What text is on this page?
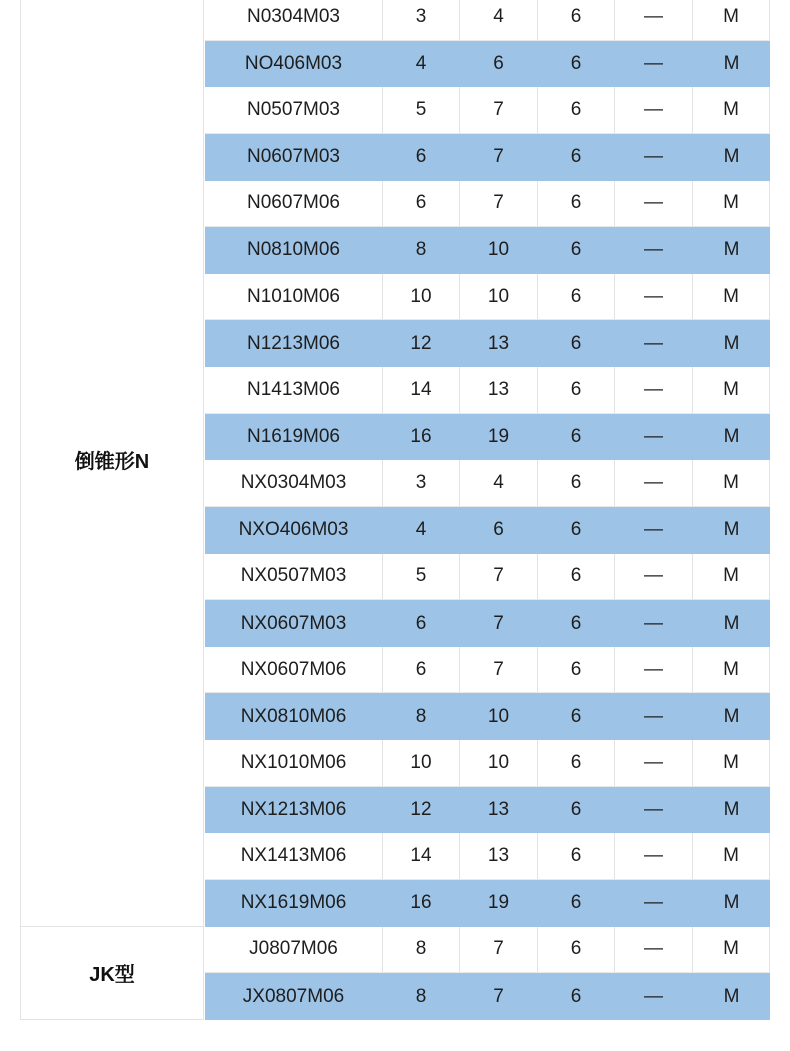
倒锥形N
N0304M03	3	4	6	—	M
NO406M03	4	6	6	—	M
N0507M03	5	7	6	—	M
N0607M03	6	7	6	—	M
N0607M06	6	7	6	—	M
N0810M06	8	10	6	—	M
N1010M06	10	10	6	—	M
N1213M06	12	13	6	—	M
N1413M06	14	13	6	—	M
N1619M06	16	19	6	—	M
NX0304M03	3	4	6	—	M
NXO406M03	4	6	6	—	M
NX0507M03	5	7	6	—	M
NX0607M03	6	7	6	—	M
NX0607M06	6	7	6	—	M
NX0810M06	8	10	6	—	M
NX1010M06	10	10	6	—	M
NX1213M06	12	13	6	—	M
NX1413M06	14	13	6	—	M
NX1619M06	16	19	6	—	M
JK型
J0807M06	8	7	6	—	M
JX0807M06	8	7	6	—	M
